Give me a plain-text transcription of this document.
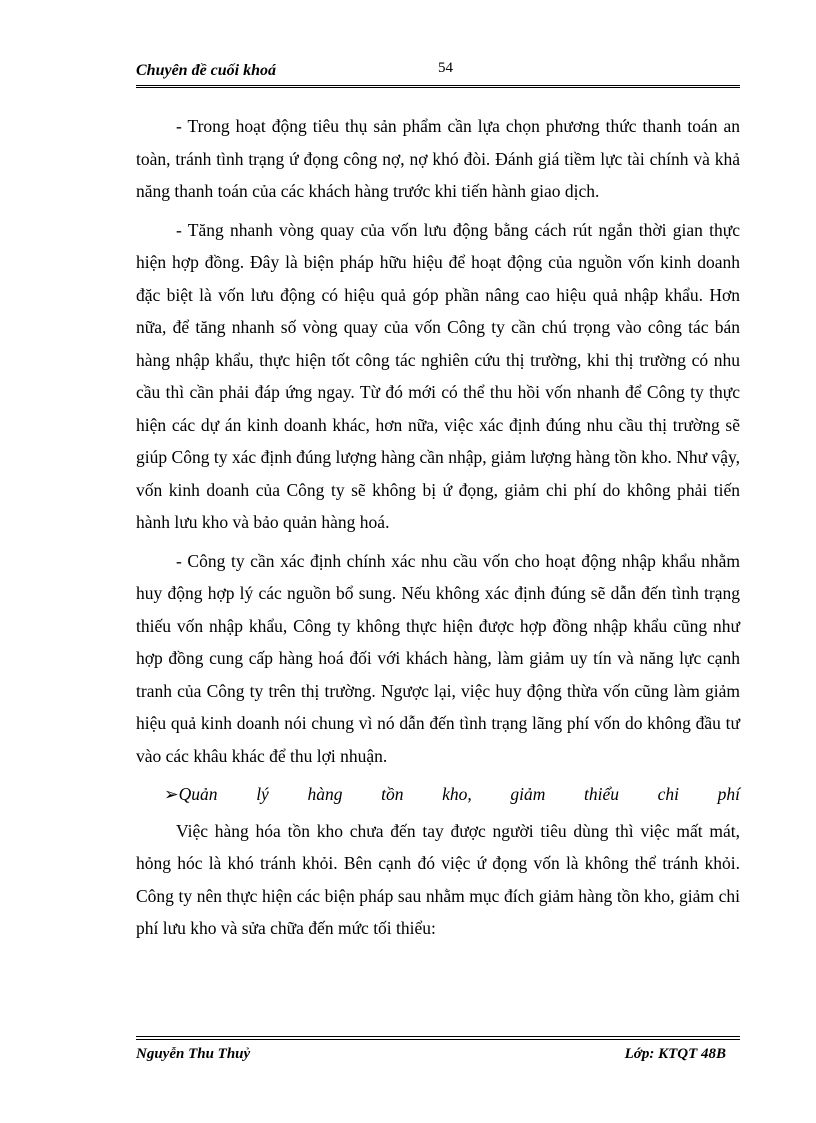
Chuyên đề cuối khoá	54

- Trong hoạt động tiêu thụ sản phẩm cần lựa chọn phương thức thanh toán an toàn, tránh tình trạng ứ đọng công nợ, nợ khó đòi. Đánh giá tiềm lực tài chính và khả năng thanh toán của các khách hàng trước khi tiến hành giao dịch.

- Tăng nhanh vòng quay của vốn lưu động bằng cách rút ngắn thời gian thực hiện hợp đồng. Đây là biện pháp hữu hiệu để hoạt động của nguồn vốn kinh doanh đặc biệt là vốn lưu động có hiệu quả góp phần nâng cao hiệu quả nhập khẩu. Hơn nữa, để tăng nhanh số vòng quay của vốn Công ty cần chú trọng vào công tác bán hàng nhập khẩu, thực hiện tốt công tác nghiên cứu thị trường, khi thị trường có nhu cầu thì cần phải đáp ứng ngay. Từ đó mới có thể thu hồi vốn nhanh để Công ty thực hiện các dự án kinh doanh khác, hơn nữa, việc xác định đúng nhu cầu thị trường sẽ giúp Công ty xác định đúng lượng hàng cần nhập, giảm lượng hàng tồn kho. Như vậy, vốn kinh doanh của Công ty sẽ không bị ứ đọng, giảm chi phí do không phải tiến hành lưu kho và bảo quản hàng hoá.

- Công ty cần xác định chính xác nhu cầu vốn cho hoạt động nhập khẩu nhằm huy động hợp lý các nguồn bổ sung. Nếu không xác định đúng sẽ dẫn đến tình trạng thiếu vốn nhập khẩu, Công ty không thực hiện được hợp đồng nhập khẩu cũng như hợp đồng cung cấp hàng hoá đối với khách hàng, làm giảm uy tín và năng lực cạnh tranh của Công ty trên thị trường. Ngược lại, việc huy động thừa vốn cũng làm giảm hiệu quả kinh doanh nói chung vì nó dẫn đến tình trạng lãng phí vốn do không đầu tư vào các khâu khác để thu lợi nhuận.

➢Quản lý hàng tồn kho, giảm thiểu chi phí

Việc hàng hóa tồn kho chưa đến tay được người tiêu dùng thì việc mất mát, hỏng hóc là khó tránh khỏi. Bên cạnh đó việc ứ đọng vốn là không thể tránh khỏi. Công ty nên thực hiện các biện pháp sau nhằm mục đích giảm hàng tồn kho, giảm chi phí lưu kho và sửa chữa đến mức tối thiểu:

Nguyễn Thu Thuỷ	Lớp: KTQT 48B
